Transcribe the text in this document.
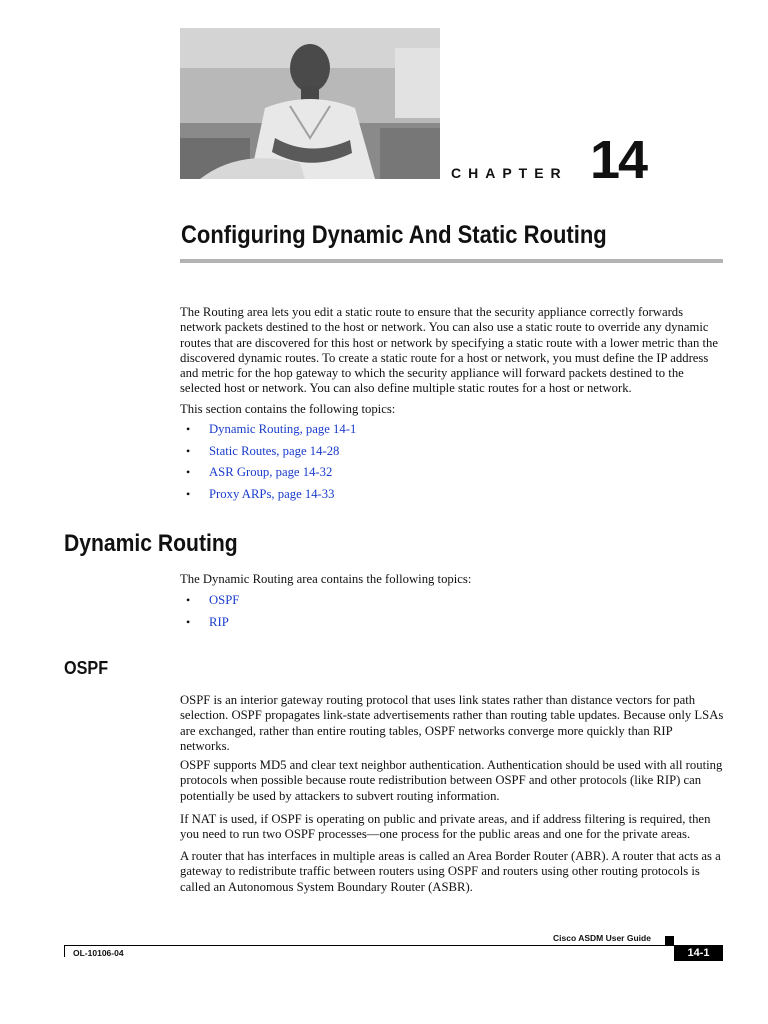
CHAPTER 14
Configuring Dynamic And Static Routing

The Routing area lets you edit a static route to ensure that the security appliance correctly forwards network packets destined to the host or network. You can also use a static route to override any dynamic routes that are discovered for this host or network by specifying a static route with a lower metric than the discovered dynamic routes. To create a static route for a host or network, you must define the IP address and metric for the hop gateway to which the security appliance will forward packets destined to the selected host or network. You can also define multiple static routes for a host or network.

This section contains the following topics:

• Dynamic Routing, page 14-1
• Static Routes, page 14-28
• ASR Group, page 14-32
• Proxy ARPs, page 14-33
Dynamic Routing

The Dynamic Routing area contains the following topics:

• OSPF
• RIP
OSPF

OSPF is an interior gateway routing protocol that uses link states rather than distance vectors for path selection. OSPF propagates link-state advertisements rather than routing table updates. Because only LSAs are exchanged, rather than entire routing tables, OSPF networks converge more quickly than RIP networks.

OSPF supports MD5 and clear text neighbor authentication. Authentication should be used with all routing protocols when possible because route redistribution between OSPF and other protocols (like RIP) can potentially be used by attackers to subvert routing information.

If NAT is used, if OSPF is operating on public and private areas, and if address filtering is required, then you need to run two OSPF processes—one process for the public areas and one for the private areas.

A router that has interfaces in multiple areas is called an Area Border Router (ABR). A router that acts as a gateway to redistribute traffic between routers using OSPF and routers using other routing protocols is called an Autonomous System Boundary Router (ASBR).

Cisco ASDM User Guide
OL-10106-04	14-1
